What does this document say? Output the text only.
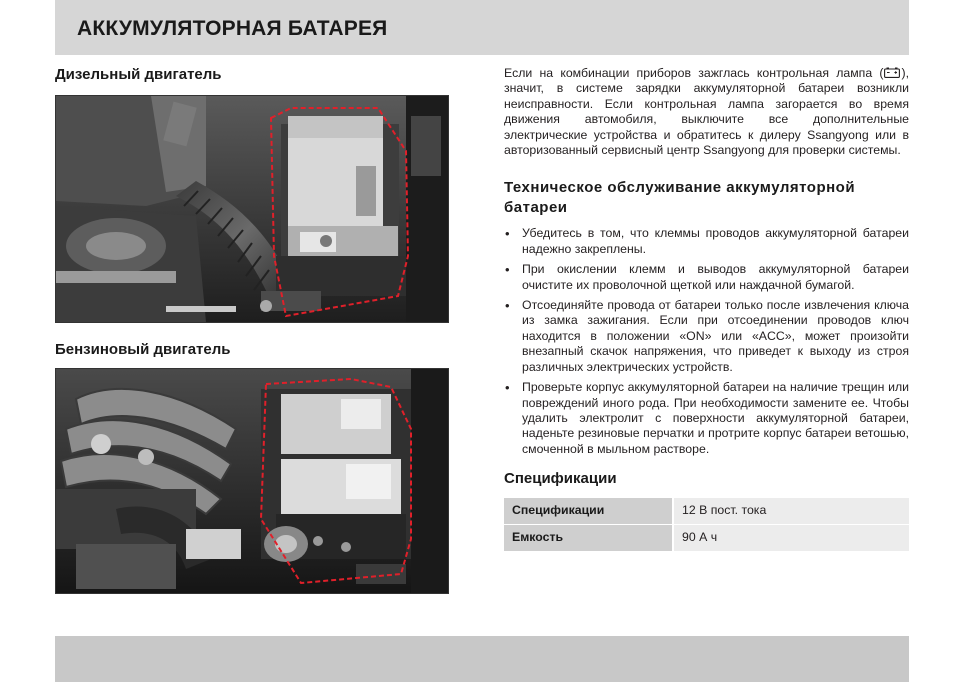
АККУМУЛЯТОРНАЯ БАТАРЕЯ
Дизельный двигатель
Бензиновый двигатель

Если на комбинации приборов зажглась контрольная лампа ( ), значит, в системе зарядки аккумуляторной батареи возникли неисправности. Если контрольная лампа загорается во время движения автомобиля, выключите все дополнительные электрические устройства и обратитесь к дилеру Ssangyong или в авторизованный сервисный центр Ssangyong для проверки системы.

Техническое обслуживание аккумуляторной батареи
• Убедитесь в том, что клеммы проводов аккумуляторной батареи надежно закреплены.
• При окислении клемм и выводов аккумуляторной батареи очистите их проволочной щеткой или наждачной бумагой.
• Отсоединяйте провода от батареи только после извлечения ключа из замка зажигания. Если при отсоединении проводов ключ находится в положении «ON» или «ACC», может произойти внезапный скачок напряжения, что приведет к выходу из строя различных электрических устройств.
• Проверьте корпус аккумуляторной батареи на наличие трещин или повреждений иного рода. При необходимости замените ее. Чтобы удалить электролит с поверхности аккумуляторной батареи, наденьте резиновые перчатки и протрите корпус батареи ветошью, смоченной в мыльном растворе.
Спецификации
Спецификации	12 В пост. тока
Емкость	90 А ч
